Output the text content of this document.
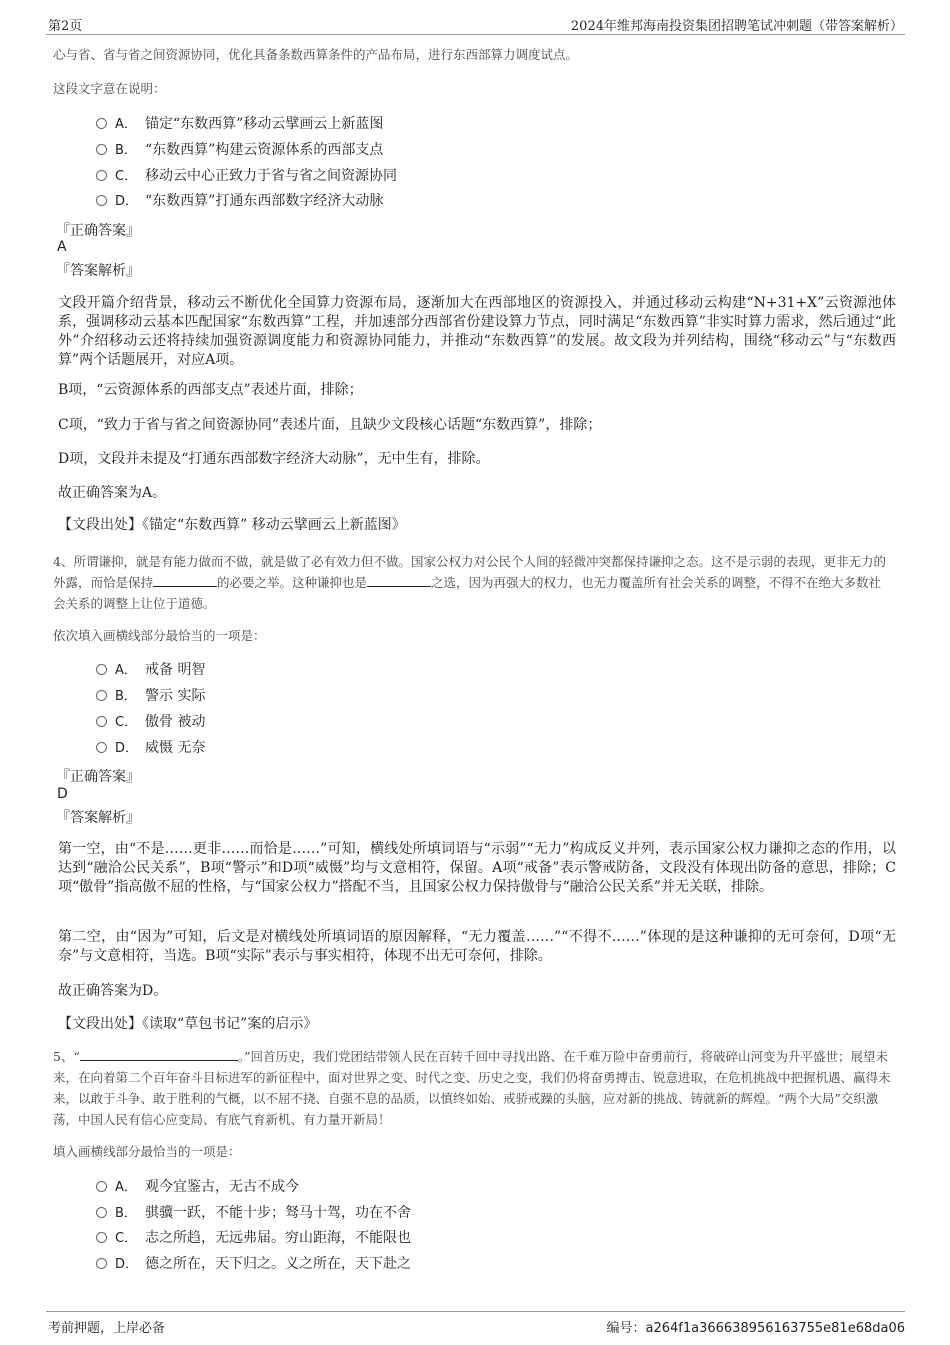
第2页	2024年维邦海南投资集团招聘笔试冲刺题（带答案解析）
心与省、省与省之间资源协同，优化具备条数西算条件的产品布局，进行东西部算力调度试点。
这段文字意在说明：
A． 锚定“东数西算”移动云擘画云上新蓝图
B． “东数西算”构建云资源体系的西部支点
C． 移动云中心正致力于省与省之间资源协同
D． “东数西算”打通东西部数字经济大动脉
『正确答案』
A
『答案解析』
文段开篇介绍背景，移动云不断优化全国算力资源布局，逐渐加大在西部地区的资源投入，并通过移动云构建“N+31+X”云资源池体系，强调移动云基本匹配国家“东数西算”工程，并加速部分西部省份建设算力节点，同时满足“东数西算”非实时算力需求，然后通过“此外”介绍移动云还将持续加强资源调度能力和资源协同能力，并推动“东数西算”的发展。故文段为并列结构，围绕“移动云”与“东数西算”两个话题展开，对应A项。
B项，“云资源体系的西部支点”表述片面，排除；
C项，“致力于省与省之间资源协同”表述片面，且缺少文段核心话题“东数西算”，排除；
D项，文段并未提及“打通东西部数字经济大动脉”，无中生有，排除。
故正确答案为A。
【文段出处】《锚定“东数西算” 移动云擘画云上新蓝图》
4、所谓谦抑，就是有能力做而不做，就是做了必有效力但不做。国家公权力对公民个人间的轻微冲突都保持谦抑之态。这不是示弱的表现，更非无力的外露，而恰是保持	的必要之举。这种谦抑也是	之选，因为再强大的权力，也无力覆盖所有社会关系的调整，不得不在绝大多数社会关系的调整上让位于道德。
依次填入画横线部分最恰当的一项是：
A． 戒备 明智
B． 警示 实际
C． 傲骨 被动
D． 威慑 无奈
『正确答案』
D
『答案解析』
第一空，由“不是……更非……而恰是……”可知，横线处所填词语与“示弱”“无力”构成反义并列，表示国家公权力谦抑之态的作用，以达到“融洽公民关系”，B项“警示”和D项“威慑”均与文意相符，保留。A项“戒备”表示警戒防备，文段没有体现出防备的意思，排除；C项“傲骨”指高傲不屈的性格，与“国家公权力”搭配不当，且国家公权力保持傲骨与“融洽公民关系”并无关联，排除。
第二空，由“因为”可知，后文是对横线处所填词语的原因解释，“无力覆盖……”“不得不……”体现的是这种谦抑的无可奈何，D项“无奈”与文意相符，当选。B项“实际”表示与事实相符，体现不出无可奈何，排除。
故正确答案为D。
【文段出处】《读取“草包书记”案的启示》
5、“	。”回首历史，我们党团结带领人民在百转千回中寻找出路、在千难万险中奋勇前行，将破碎山河变为升平盛世；展望未来，在向着第二个百年奋斗目标进军的新征程中，面对世界之变、时代之变、历史之变，我们仍将奋勇搏击、锐意进取，在危机挑战中把握机遇、赢得未来，以敢于斗争、敢于胜利的气概，以不屈不挠、自强不息的品质，以慎终如始、戒骄戒躁的头脑，应对新的挑战、铸就新的辉煌。“两个大局”交织激荡，中国人民有信心应变局、有底气育新机、有力量开新局！
填入画横线部分最恰当的一项是：
A． 观今宜鉴古，无古不成今
B． 骐骥一跃，不能十步；驽马十驾，功在不舍
C． 志之所趋，无远弗届。穷山距海，不能限也
D． 德之所在，天下归之。义之所在，天下赴之
考前押题，上岸必备	编号：a264f1a366638956163755e81e68da06
